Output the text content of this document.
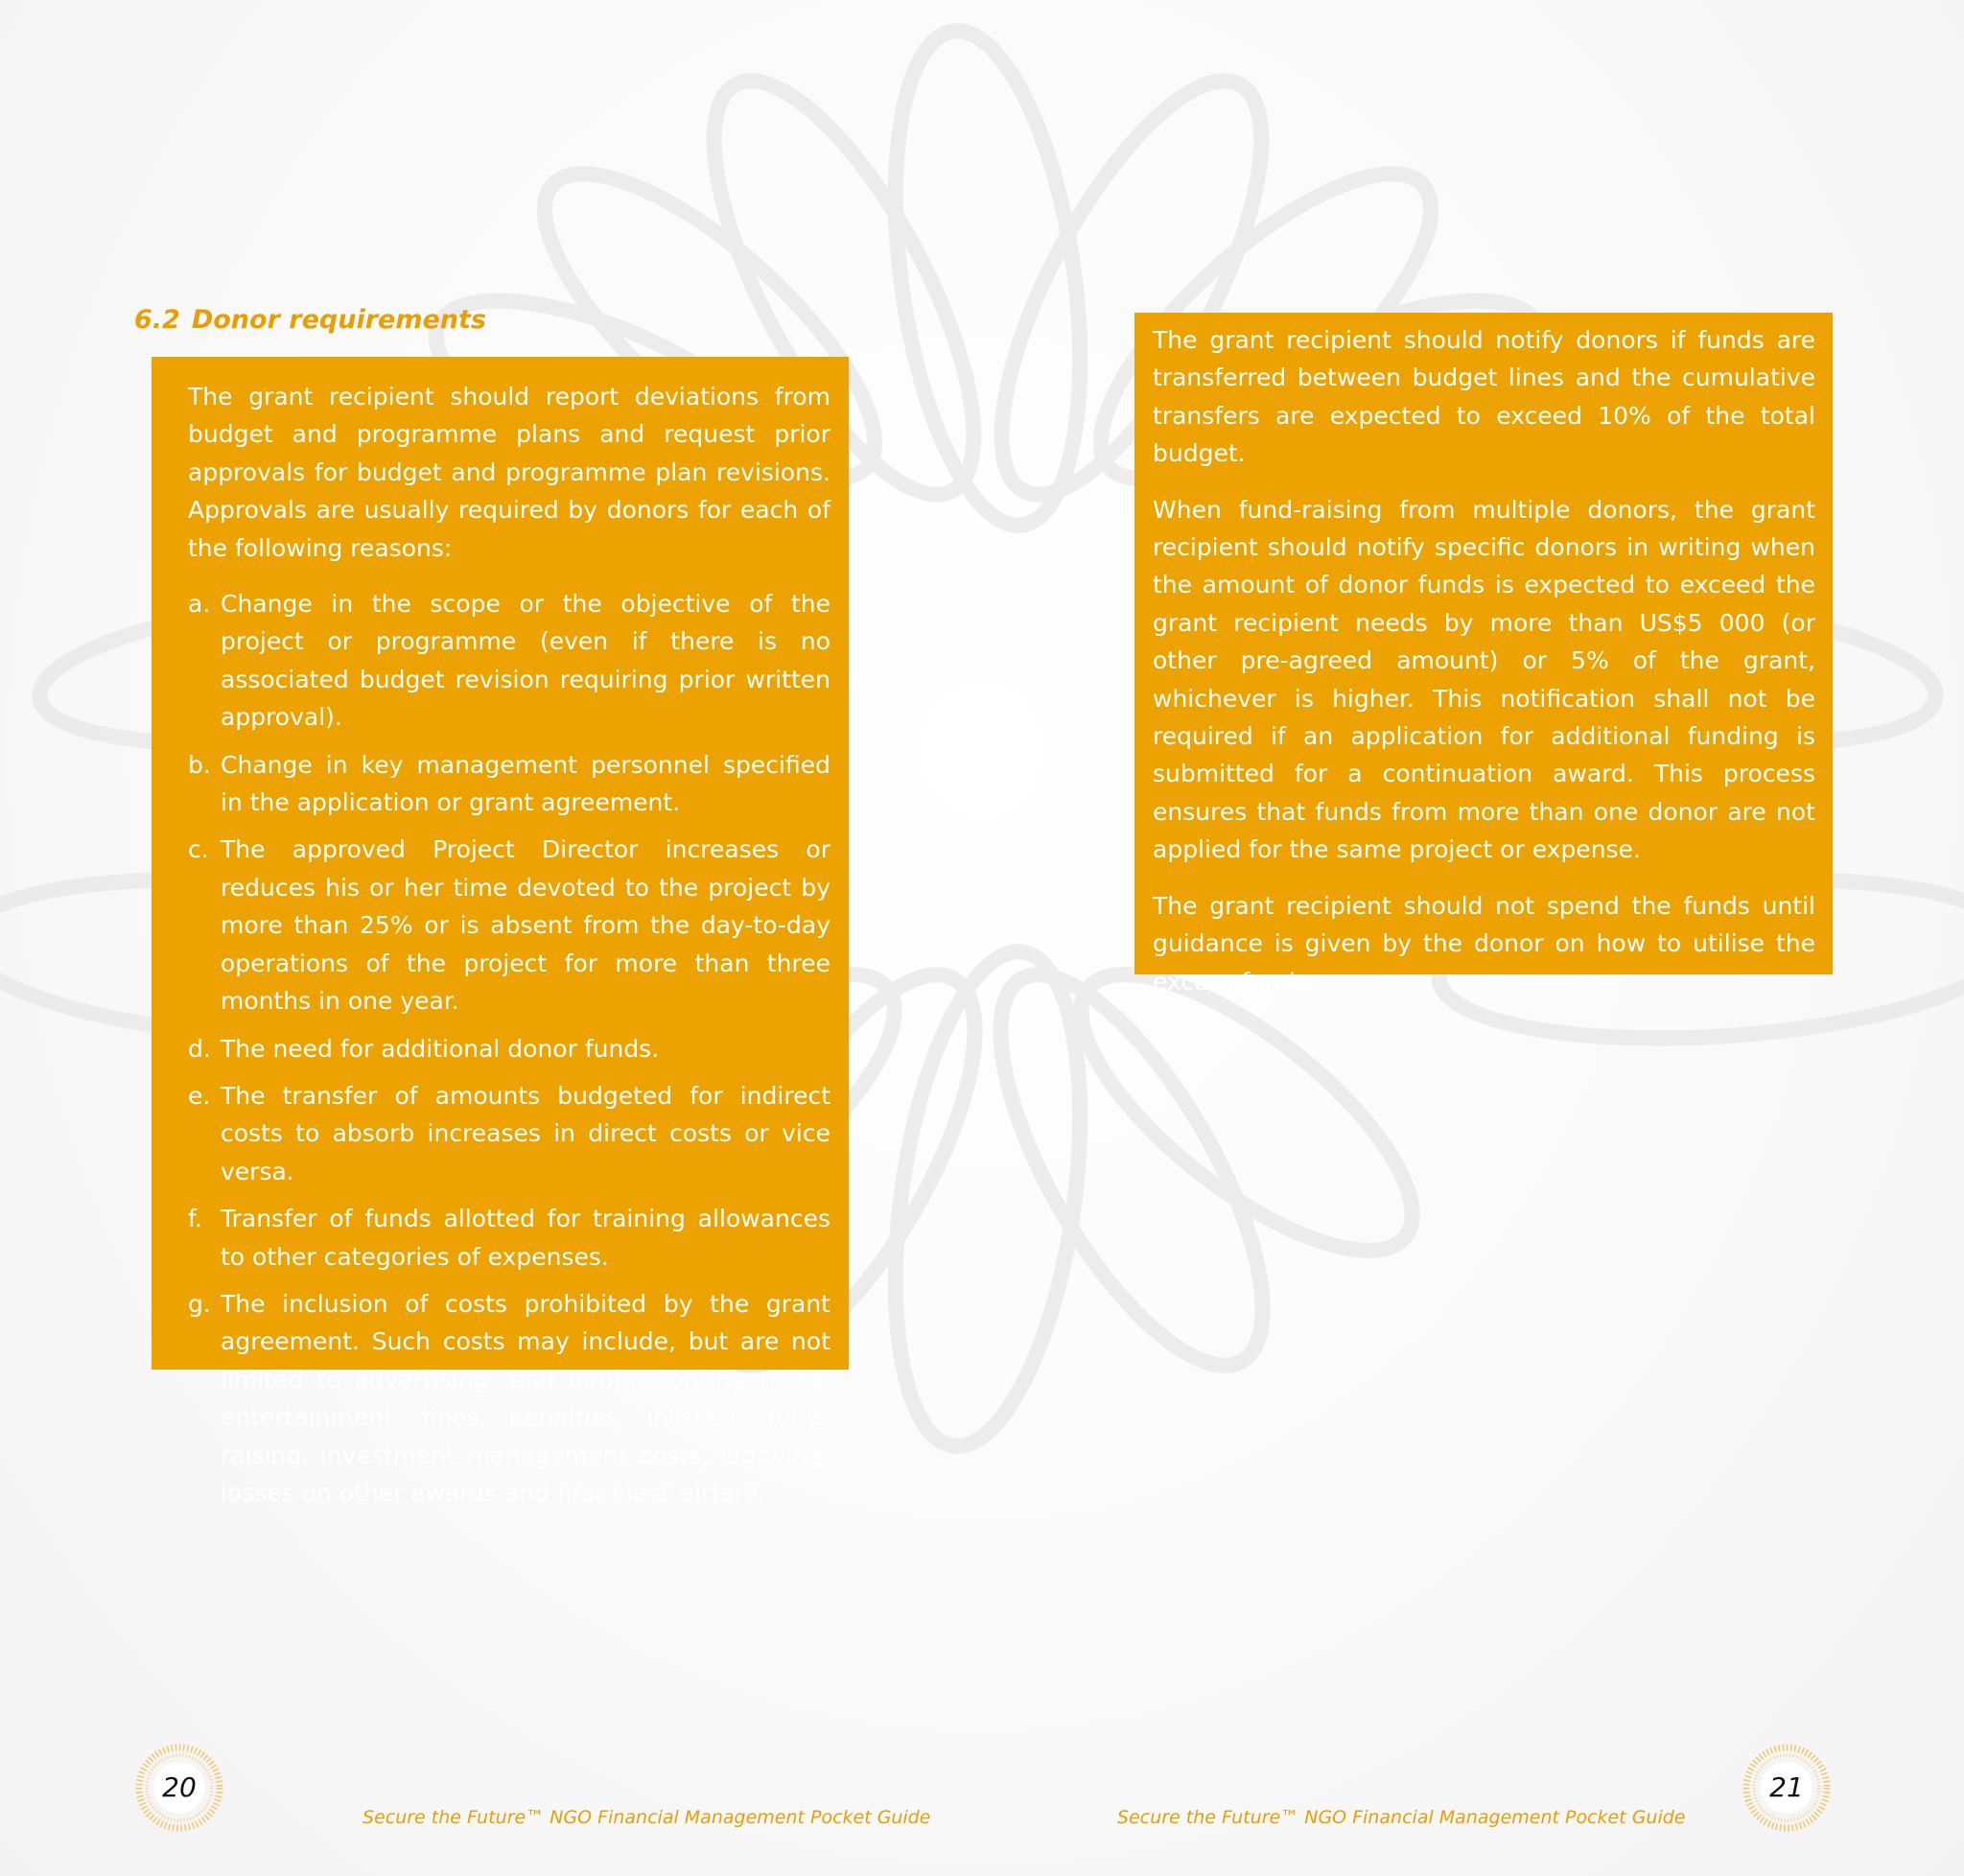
6.2 Donor requirements

The grant recipient should report deviations from budget and programme plans and request prior approvals for budget and programme plan revisions. Approvals are usually required by donors for each of the following reasons:

a. Change in the scope or the objective of the project or programme (even if there is no associated budget revision requiring prior written approval).
b. Change in key management personnel specified in the application or grant agreement.
c. The approved Project Director increases or reduces his or her time devoted to the project by more than 25% or is absent from the day-to-day operations of the project for more than three months in one year.
d. The need for additional donor funds.
e. The transfer of amounts budgeted for indirect costs to absorb increases in direct costs or vice versa.
f. Transfer of funds allotted for training allowances to other categories of expenses.
g. The inclusion of costs prohibited by the grant agreement. Such costs may include, but are not limited to advertising, bad debts, contingencies, entertainment, fines, penalties, interest, fund-raising, investment management costs, lobbying, losses on other awards and first-class airfare.
20

Secure the Future™ NGO Financial Management Pocket Guide

The grant recipient should notify donors if funds are transferred between budget lines and the cumulative transfers are expected to exceed 10% of the total budget.

When fund-raising from multiple donors, the grant recipient should notify specific donors in writing when the amount of donor funds is expected to exceed the grant recipient needs by more than US$5 000 (or other pre-agreed amount) or 5% of the grant, whichever is higher. This notification shall not be required if an application for additional funding is submitted for a continuation award. This process ensures that funds from more than one donor are not applied for the same project or expense.

The grant recipient should not spend the funds until guidance is given by the donor on how to utilise the excess funds.

21

Secure the Future™ NGO Financial Management Pocket Guide
